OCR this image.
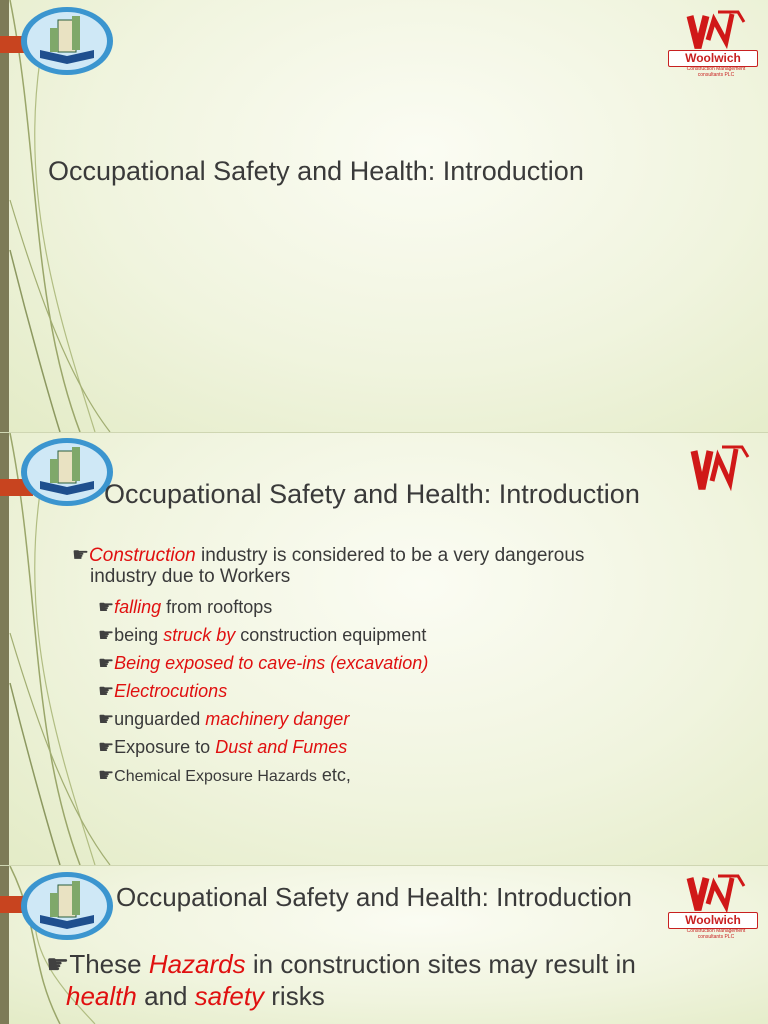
Woolwich
Construction Management consultants PLC
Occupational Safety and Health: Introduction
Occupational Safety and Health: Introduction
☛Construction industry is considered to be a very dangerous
industry due to Workers
☛falling from rooftops
☛being struck by construction equipment
☛Being exposed to cave-ins (excavation)
☛Electrocutions
☛unguarded machinery danger
☛Exposure to Dust and Fumes
☛Chemical Exposure Hazards etc,
Occupational Safety and Health: Introduction
Woolwich
Construction Management consultants PLC
☛These Hazards in construction sites may result in
health and safety risks
